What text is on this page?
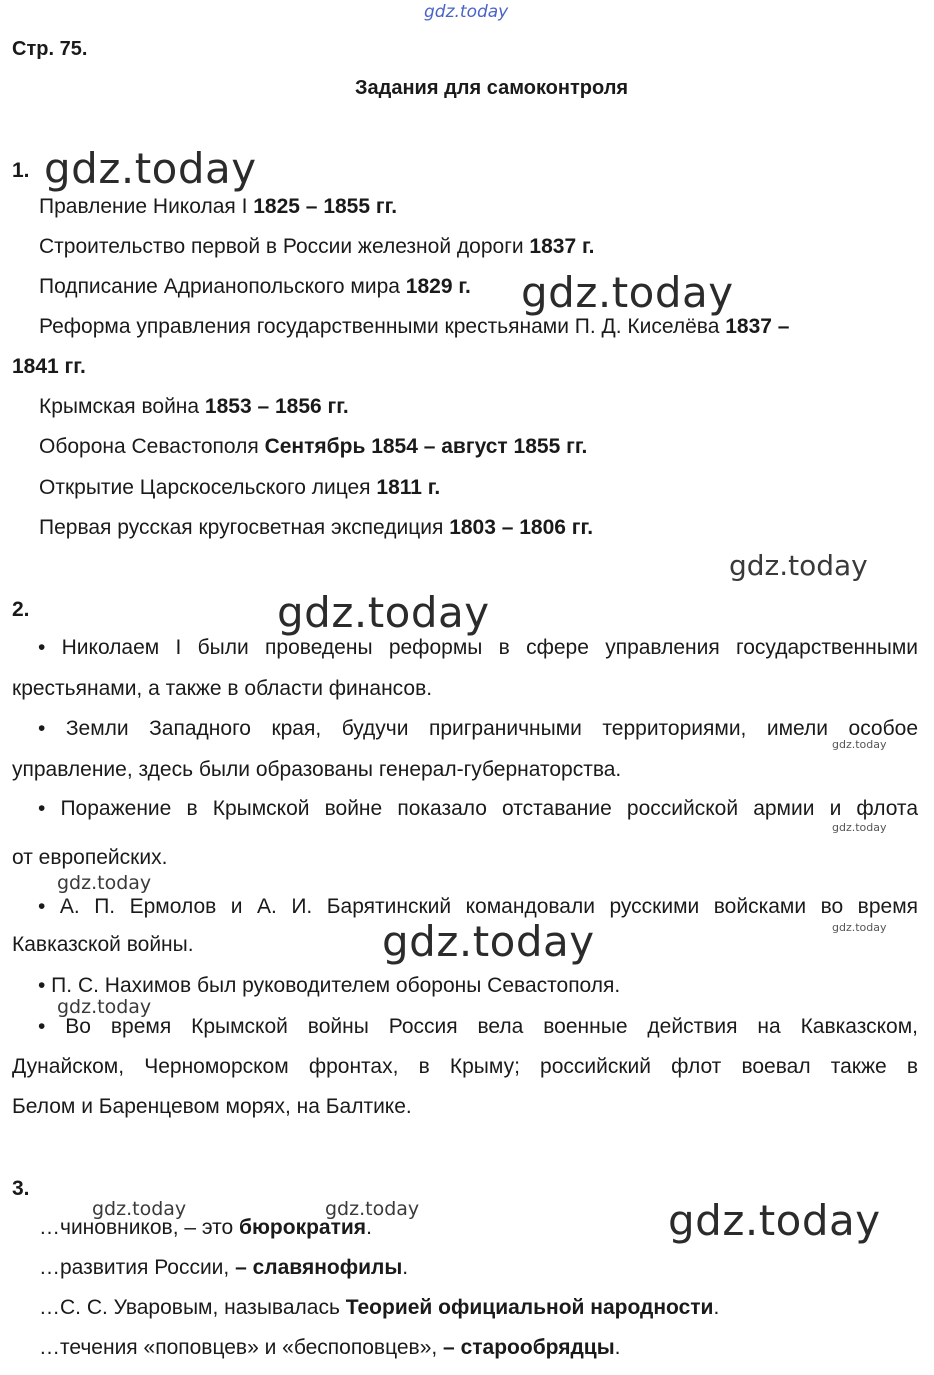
gdz.today
Стр. 75.
Задания для самоконтроля
1. gdz.today
Правление Николая I 1825 – 1855 гг.
Строительство первой в России железной дороги 1837 г.
Подписание Адрианопольского мира 1829 г. gdz.today
Реформа управления государственными крестьянами П. Д. Киселёва 1837 –
1841 гг.
Крымская война 1853 – 1856 гг.
Оборона Севастополя Сентябрь 1854 – август 1855 гг.
Открытие Царскосельского лицея 1811 г.
Первая русская кругосветная экспедиция 1803 – 1806 гг.
gdz.today
2.	gdz.today
• Николаем I были проведены реформы в сфере управления государственными
крестьянами, а также в области финансов.
• Земли Западного края, будучи приграничными территориями, имели особое
gdz.today
управление, здесь были образованы генерал-губернаторства.
• Поражение в Крымской войне показало отставание российской армии и флота
gdz.today
от европейских.
gdz.today
• А. П. Ермолов и А. И. Барятинский командовали русскими войсками во время
gdz.today
Кавказской войны.	gdz.today
• П. С. Нахимов был руководителем обороны Севастополя.
gdz.today
• Во время Крымской войны Россия вела военные действия на Кавказском,
Дунайском, Черноморском фронтах, в Крыму; российский флот воевал также в
Белом и Баренцевом морях, на Балтике.
3.
gdz.today	gdz.today	gdz.today
…чиновников, – это бюрократия.
…развития России, – славянофилы.
…С. С. Уваровым, называлась Теорией официальной народности.
…течения «поповцев» и «беспоповцев», – старообрядцы.
